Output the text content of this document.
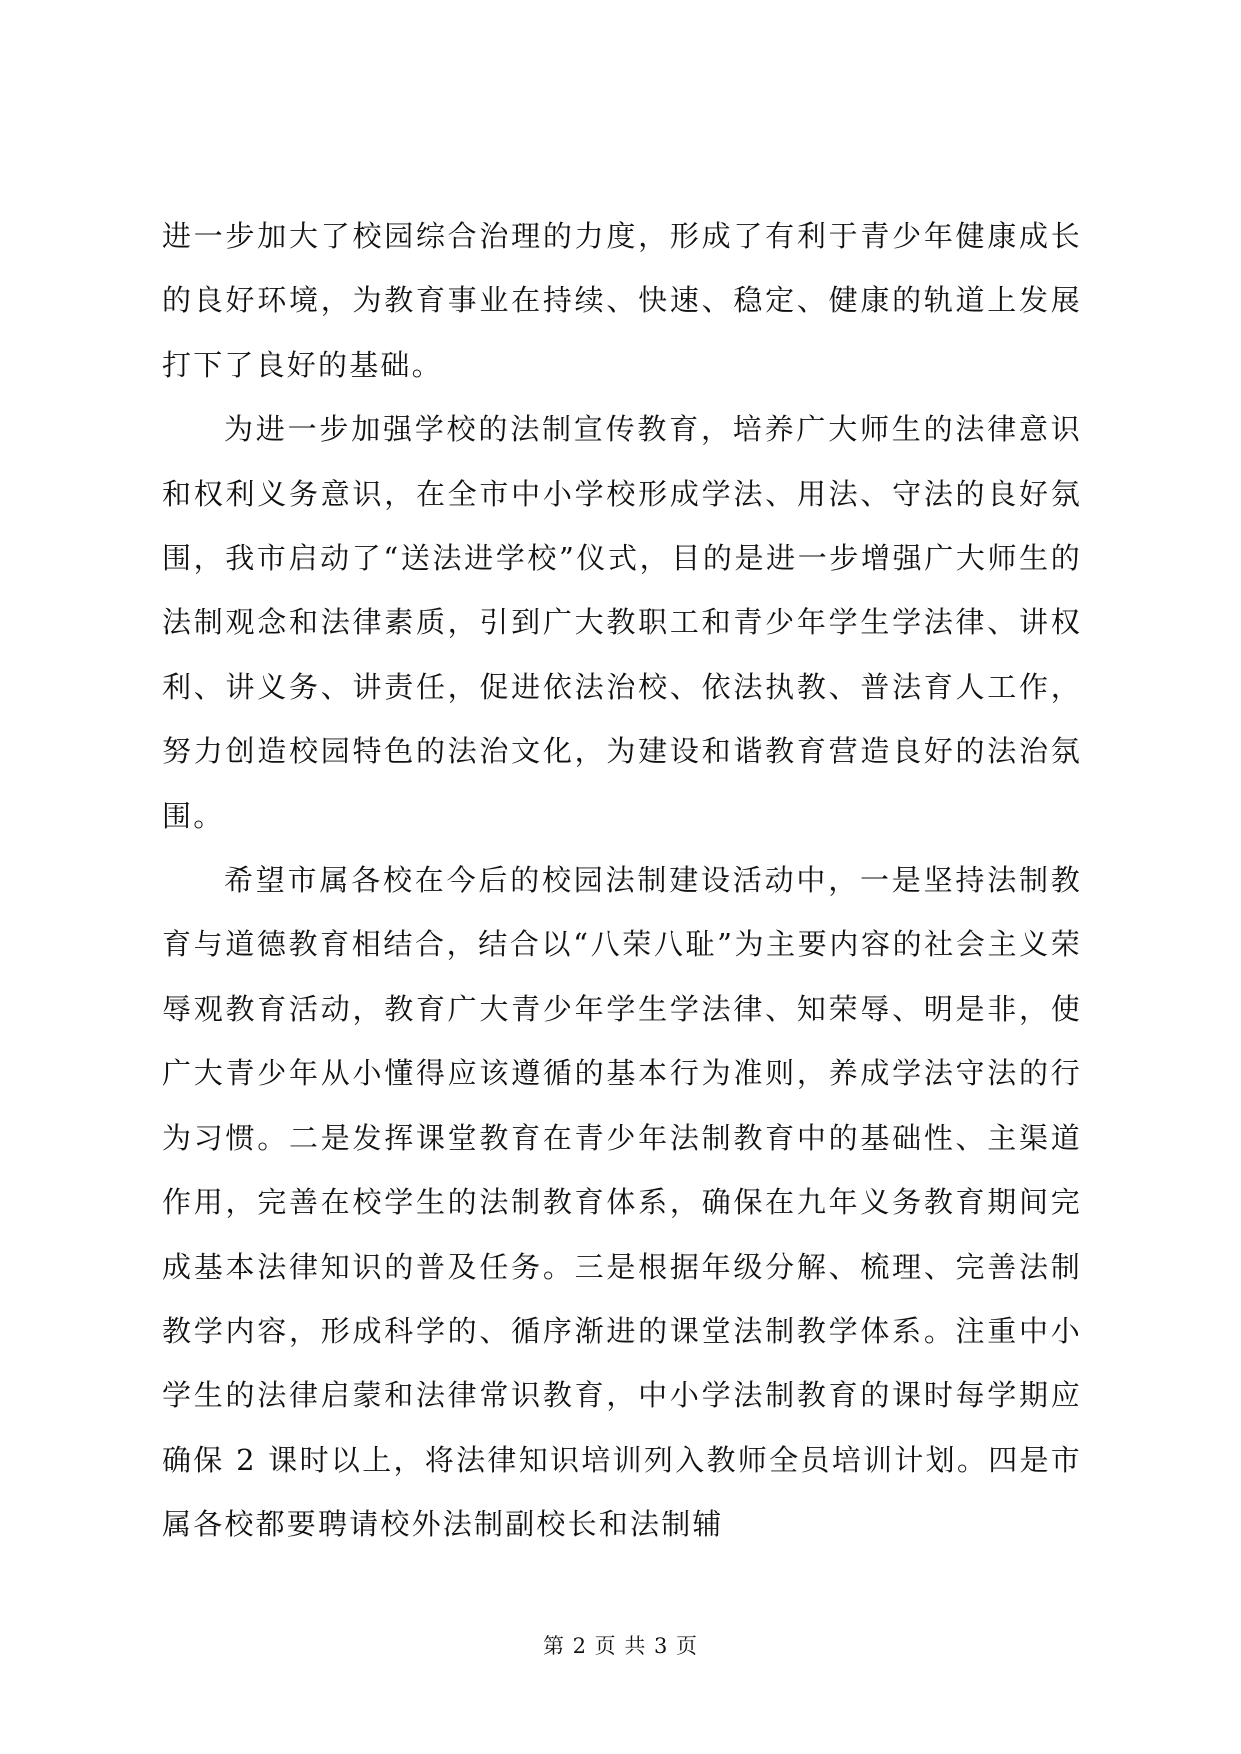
进一步加大了校园综合治理的力度，形成了有利于青少年健康成长的良好环境，为教育事业在持续、快速、稳定、健康的轨道上发展打下了良好的基础。

为进一步加强学校的法制宣传教育，培养广大师生的法律意识和权利义务意识，在全市中小学校形成学法、用法、守法的良好氛围，我市启动了“送法进学校”仪式，目的是进一步增强广大师生的法制观念和法律素质，引到广大教职工和青少年学生学法律、讲权利、讲义务、讲责任，促进依法治校、依法执教、普法育人工作，努力创造校园特色的法治文化，为建设和谐教育营造良好的法治氛围。

希望市属各校在今后的校园法制建设活动中，一是坚持法制教育与道德教育相结合，结合以“八荣八耻”为主要内容的社会主义荣辱观教育活动，教育广大青少年学生学法律、知荣辱、明是非，使广大青少年从小懂得应该遵循的基本行为准则，养成学法守法的行为习惯。二是发挥课堂教育在青少年法制教育中的基础性、主渠道作用，完善在校学生的法制教育体系，确保在九年义务教育期间完成基本法律知识的普及任务。三是根据年级分解、梳理、完善法制教学内容，形成科学的、循序渐进的课堂法制教学体系。注重中小学生的法律启蒙和法律常识教育，中小学法制教育的课时每学期应确保 2 课时以上，将法律知识培训列入教师全员培训计划。四是市属各校都要聘请校外法制副校长和法制辅

第 2 页 共 3 页
